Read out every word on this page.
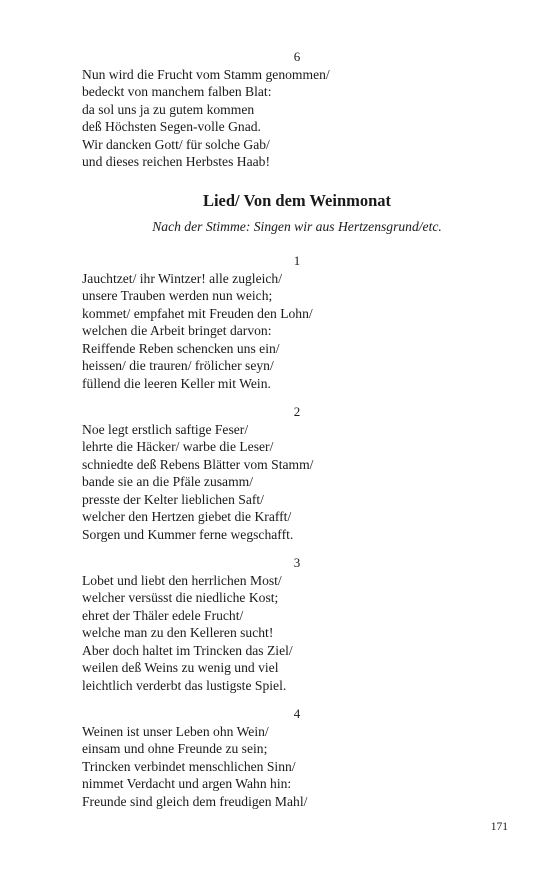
6
Nun wird die Frucht vom Stamm genommen/
bedeckt von manchem falben Blat:
da sol uns ja zu gutem kommen
deß Höchsten Segen-volle Gnad.
Wir dancken Gott/ für solche Gab/
und dieses reichen Herbstes Haab!
Lied/ Von dem Weinmonat
Nach der Stimme: Singen wir aus Hertzensgrund/etc.
1
Jauchtzet/ ihr Wintzer! alle zugleich/
unsere Trauben werden nun weich;
kommet/ empfahet mit Freuden den Lohn/
welchen die Arbeit bringet darvon:
Reiffende Reben schencken uns ein/
heissen/ die trauren/ frölicher seyn/
füllend die leeren Keller mit Wein.
2
Noe legt erstlich saftige Feser/
lehrte die Häcker/ warbe die Leser/
schniedte deß Rebens Blätter vom Stamm/
bande sie an die Pfäle zusamm/
presste der Kelter lieblichen Saft/
welcher den Hertzen giebet die Krafft/
Sorgen und Kummer ferne wegschafft.
3
Lobet und liebt den herrlichen Most/
welcher versüsst die niedliche Kost;
ehret der Thäler edele Frucht/
welche man zu den Kelleren sucht!
Aber doch haltet im Trincken das Ziel/
weilen deß Weins zu wenig und viel
leichtlich verderbt das lustigste Spiel.
4
Weinen ist unser Leben ohn Wein/
einsam und ohne Freunde zu sein;
Trincken verbindet menschlichen Sinn/
nimmet Verdacht und argen Wahn hin:
Freunde sind gleich dem freudigen Mahl/
171
